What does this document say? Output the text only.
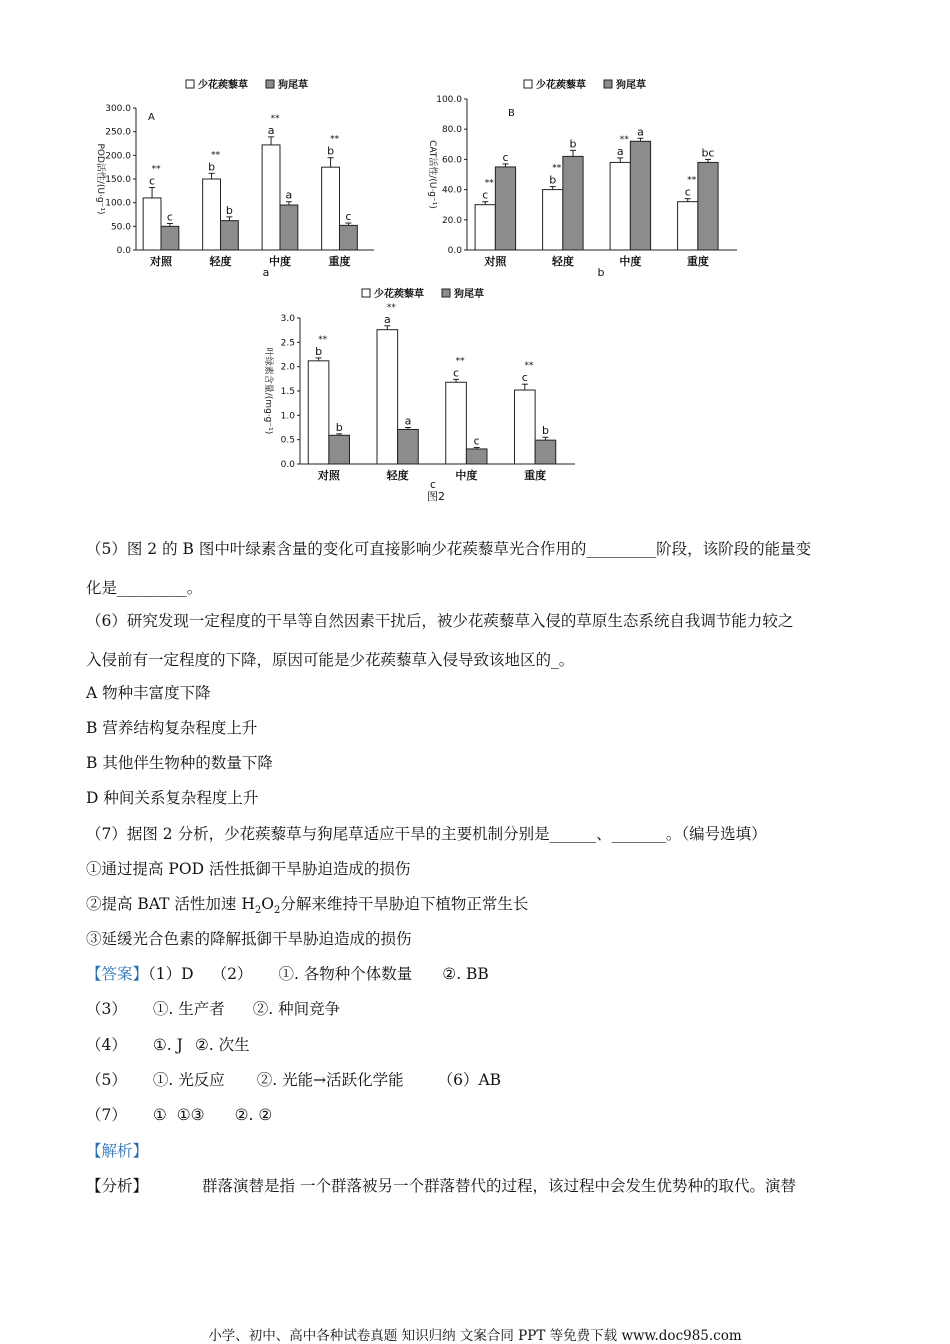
少花蒺藜草	狗尾草
0.0
50.0
100.0
150.0
200.0
250.0
300.0
POD活性/(U·g⁻¹)
A
c
c
**
对照
b
b
**
轻度
a
a
**
中度
b
c
**
重度
a
少花蒺藜草	狗尾草
0.0
20.0
40.0
60.0
80.0
100.0
CAT活性/(U·g⁻¹)
B
c
c
**
对照
b
b
**
轻度
a
a
**
中度
c
bc
**
重度
b
少花蒺藜草	狗尾草
0.0
0.5
1.0
1.5
2.0
2.5
3.0
叶绿素含量/(mg·g⁻¹)	b
b
**
对照
a
a
**
轻度
c
c
**
中度
c
b
**
重度
c
图2
（5）图 2 的 B 图中叶绿素含量的变化可直接影响少花蒺藜草光合作用的_________阶段，该阶段的能量变
化是_________。
（6）研究发现一定程度的干旱等自然因素干扰后，被少花蒺藜草入侵的草原生态系统自我调节能力较之
入侵前有一定程度的下降，原因可能是少花蒺藜草入侵导致该地区的_。
A 物种丰富度下降
B 营养结构复杂程度上升
B 其他伴生物种的数量下降
D 种间关系复杂程度上升
（7）据图 2 分析，少花蒺藜草与狗尾草适应干旱的主要机制分别是______、_______。（编号选填）
①通过提高 POD 活性抵御干旱胁迫造成的损伤
②提高 BAT 活性加速 $H_2O_2$分解来维持干旱胁迫下植物正常生长
③延缓光合色素的降解抵御干旱胁迫造成的损伤
【答案】（1）D （2） ①. 各物种个体数量 ②. BB
（3） ①. 生产者 ②. 种间竞争
（4） ①. J ②. 次生
（5） ①. 光反应 ②. 光能→活跃化学能 （6）AB
（7） ① ①③ ②. ②
【解析】
【分析】	群落演替是指 一个群落被另一个群落替代的过程，该过程中会发生优势种的取代。演替
小学、初中、高中各种试卷真题 知识归纳 文案合同 PPT 等免费下载 www.doc985.com
